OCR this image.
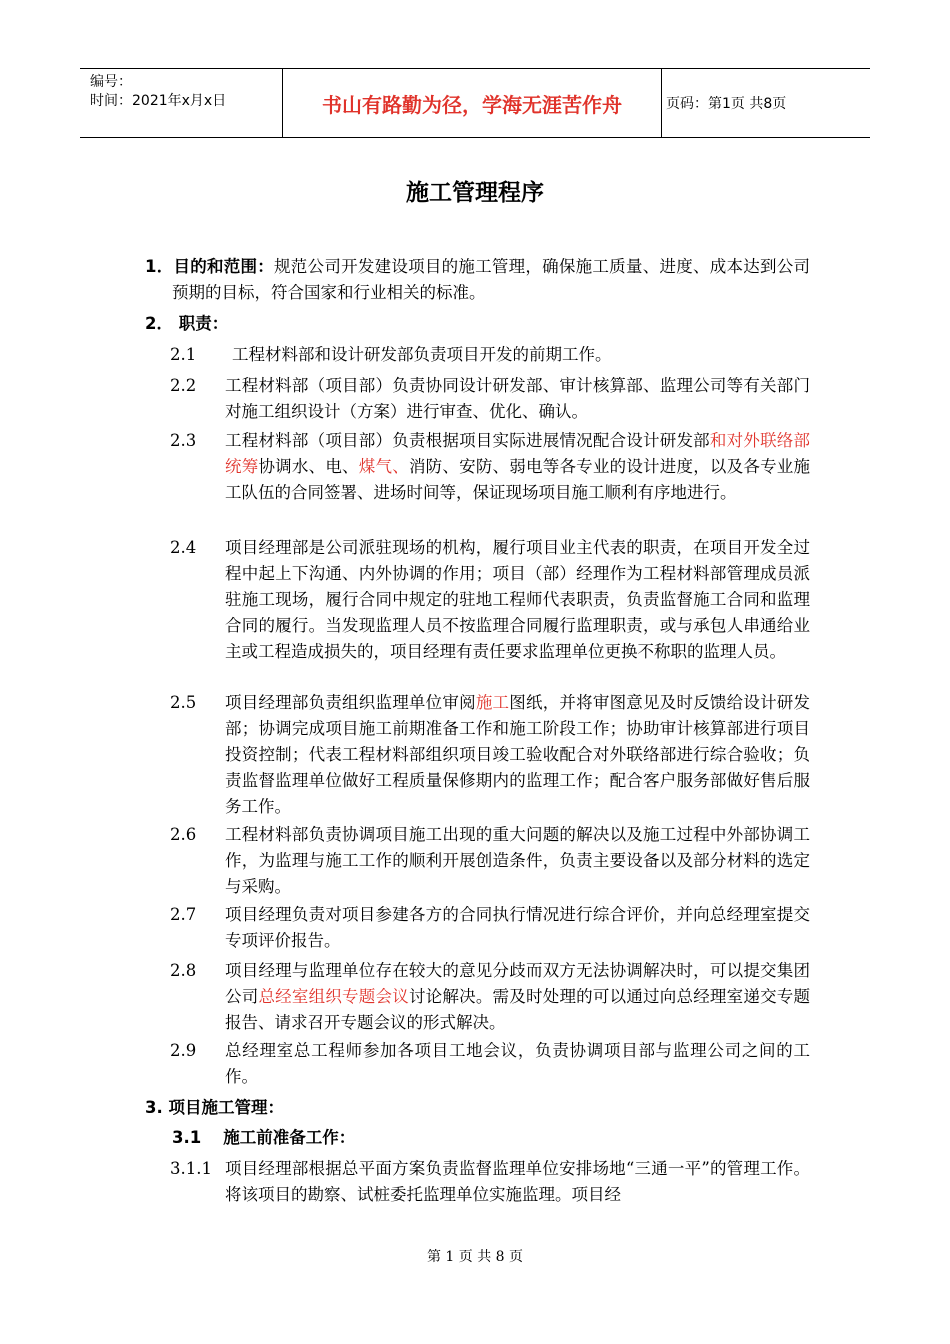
编号：
时间：2021年x月x日	书山有路勤为径，学海无涯苦作舟	页码：第1页 共8页
施工管理程序
1．目的和范围：规范公司开发建设项目的施工管理，确保施工质量、进度、成本达到公司预期的目标，符合国家和行业相关的标准。
2． 职责：
2.1	工程材料部和设计研发部负责项目开发的前期工作。
2.2	工程材料部（项目部）负责协同设计研发部、审计核算部、监理公司等有关部门对施工组织设计（方案）进行审查、优化、确认。
2.3	工程材料部（项目部）负责根据项目实际进展情况配合设计研发部和对外联络部统筹协调水、电、煤气、消防、安防、弱电等各专业的设计进度，以及各专业施工队伍的合同签署、进场时间等，保证现场项目施工顺利有序地进行。
2.4	项目经理部是公司派驻现场的机构，履行项目业主代表的职责，在项目开发全过程中起上下沟通、内外协调的作用；项目（部）经理作为工程材料部管理成员派驻施工现场，履行合同中规定的驻地工程师代表职责，负责监督施工合同和监理合同的履行。当发现监理人员不按监理合同履行监理职责，或与承包人串通给业主或工程造成损失的，项目经理有责任要求监理单位更换不称职的监理人员。
2.5	项目经理部负责组织监理单位审阅施工图纸，并将审图意见及时反馈给设计研发部；协调完成项目施工前期准备工作和施工阶段工作；协助审计核算部进行项目投资控制；代表工程材料部组织项目竣工验收配合对外联络部进行综合验收；负责监督监理单位做好工程质量保修期内的监理工作；配合客户服务部做好售后服务工作。
2.6	工程材料部负责协调项目施工出现的重大问题的解决以及施工过程中外部协调工作，为监理与施工工作的顺利开展创造条件，负责主要设备以及部分材料的选定与采购。
2.7	项目经理负责对项目参建各方的合同执行情况进行综合评价，并向总经理室提交专项评价报告。
2.8	项目经理与监理单位存在较大的意见分歧而双方无法协调解决时，可以提交集团公司总经室组织专题会议讨论解决。需及时处理的可以通过向总经理室递交专题报告、请求召开专题会议的形式解决。
2.9	总经理室总工程师参加各项目工地会议，负责协调项目部与监理公司之间的工作。
3. 项目施工管理：
3.1 施工前准备工作：
3.1.1 项目经理部根据总平面方案负责监督监理单位安排场地“三通一平”的管理工作。将该项目的勘察、试桩委托监理单位实施监理。项目经
第 1 页 共 8 页
